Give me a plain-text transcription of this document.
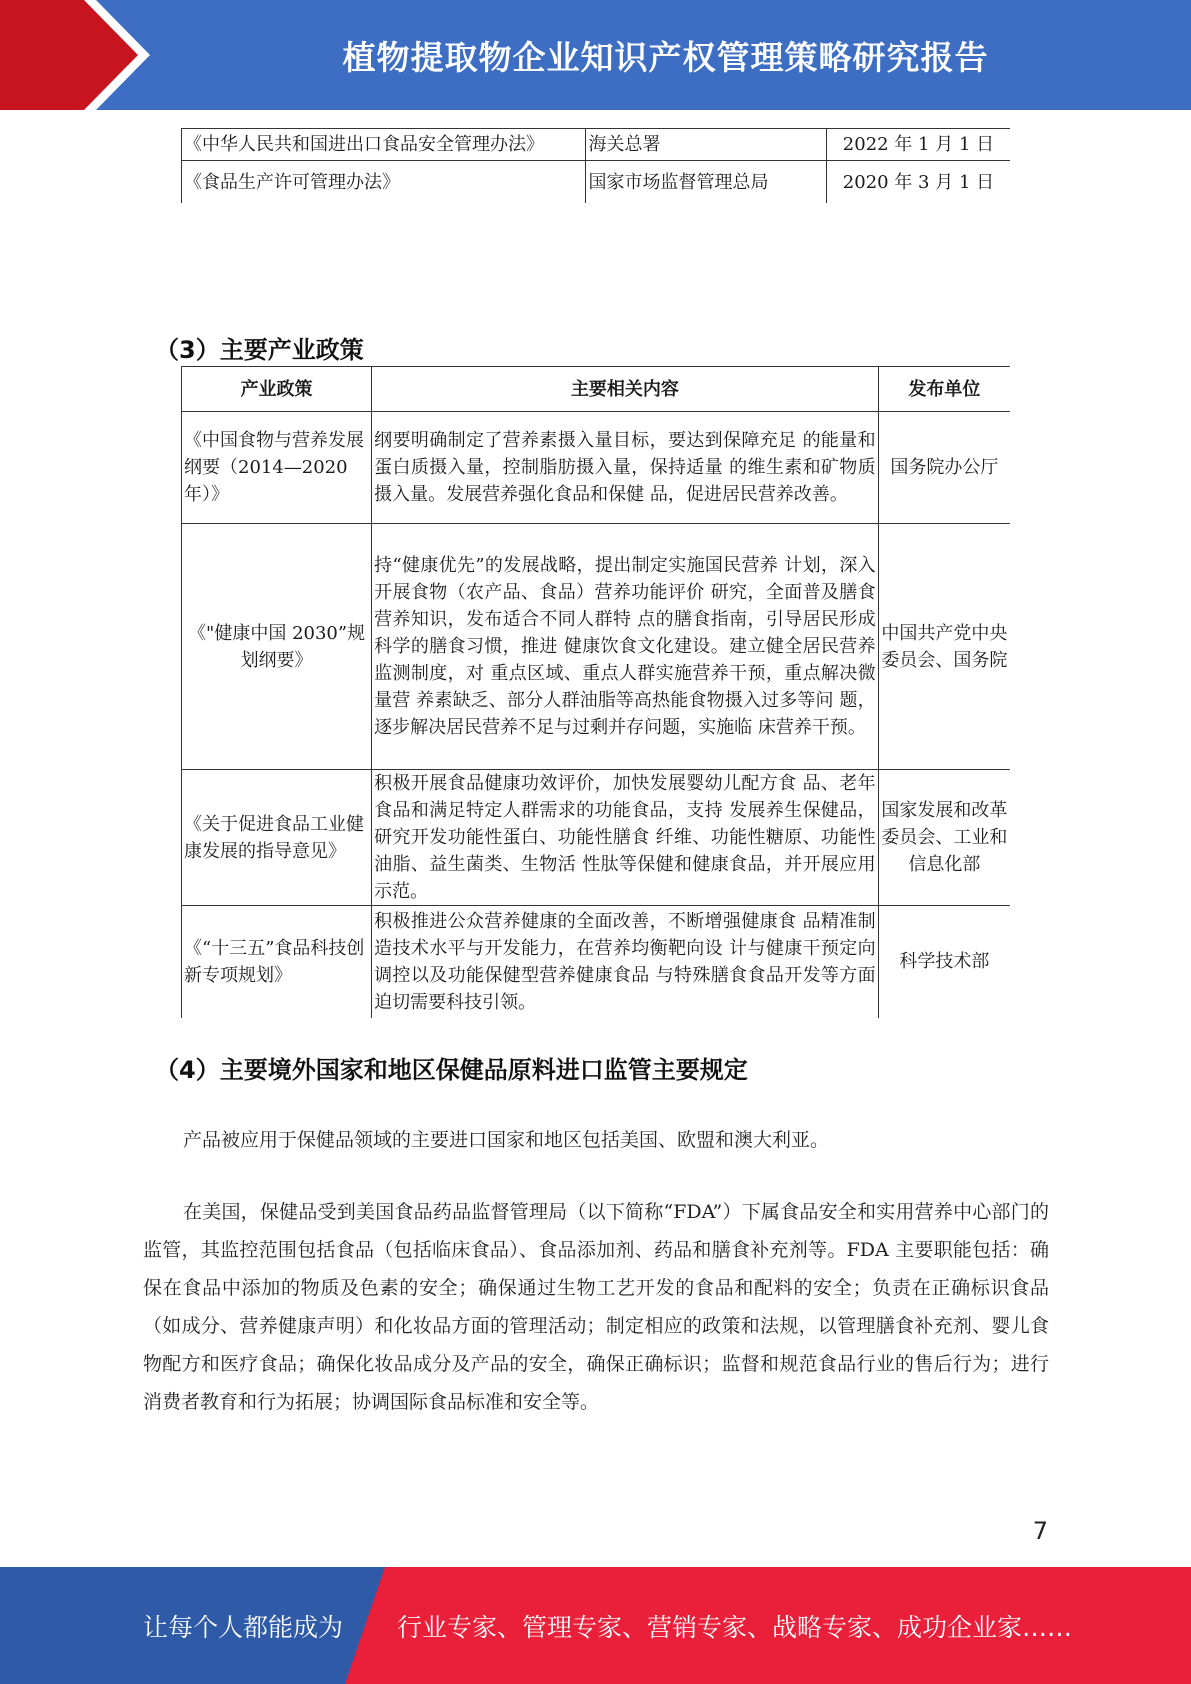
植物提取物企业知识产权管理策略研究报告
《中华人民共和国进出口食品安全管理办法》	海关总署	2022 年 1 月 1 日
《食品生产许可管理办法》	国家市场监督管理总局	2020 年 3 月 1 日
（3）主要产业政策
产业政策	主要相关内容	发布单位
《中国食物与营养发展纲要（2014—2020 年）》	纲要明确制定了营养素摄入量目标，要达到保障充足 的能量和蛋白质摄入量，控制脂肪摄入量，保持适量 的维生素和矿物质摄入量。发展营养强化食品和保健 品，促进居民营养改善。	国务院办公厅
《"健康中国 2030”规划纲要》	持“健康优先”的发展战略，提出制定实施国民营养 计划，深入开展食物（农产品、食品）营养功能评价 研究，全面普及膳食营养知识，发布适合不同人群特 点的膳食指南，引导居民形成科学的膳食习惯，推进 健康饮食文化建设。建立健全居民营养监测制度，对 重点区域、重点人群实施营养干预，重点解决微量营 养素缺乏、部分人群油脂等高热能食物摄入过多等问 题，逐步解决居民营养不足与过剩并存问题，实施临 床营养干预。	中国共产党中央委员会、国务院
《关于促进食品工业健康发展的指导意见》	积极开展食品健康功效评价，加快发展婴幼儿配方食 品、老年食品和满足特定人群需求的功能食品，支持 发展养生保健品，研究开发功能性蛋白、功能性膳食 纤维、功能性糖原、功能性油脂、益生菌类、生物活 性肽等保健和健康食品，并开展应用示范。	国家发展和改革委员会、工业和信息化部
《“十三五”食品科技创新专项规划》	积极推进公众营养健康的全面改善，不断增强健康食 品精准制造技术水平与开发能力，在营养均衡靶向设 计与健康干预定向调控以及功能保健型营养健康食品 与特殊膳食食品开发等方面迫切需要科技引领。	科学技术部
（4）主要境外国家和地区保健品原料进口监管主要规定
产品被应用于保健品领域的主要进口国家和地区包括美国、欧盟和澳大利亚。
在美国，保健品受到美国食品药品监督管理局（以下简称“FDA”）下属食品安全和实用营养中心部门的监管，其监控范围包括食品（包括临床食品）、食品添加剂、药品和膳食补充剂等。FDA 主要职能包括：确保在食品中添加的物质及色素的安全；确保通过生物工艺开发的食品和配料的安全；负责在正确标识食品（如成分、营养健康声明）和化妆品方面的管理活动；制定相应的政策和法规，以管理膳食补充剂、婴儿食物配方和医疗食品；确保化妆品成分及产品的安全，确保正确标识；监督和规范食品行业的售后行为；进行消费者教育和行为拓展；协调国际食品标准和安全等。
7
让每个人都能成为 行业专家、管理专家、营销专家、战略专家、成功企业家……
